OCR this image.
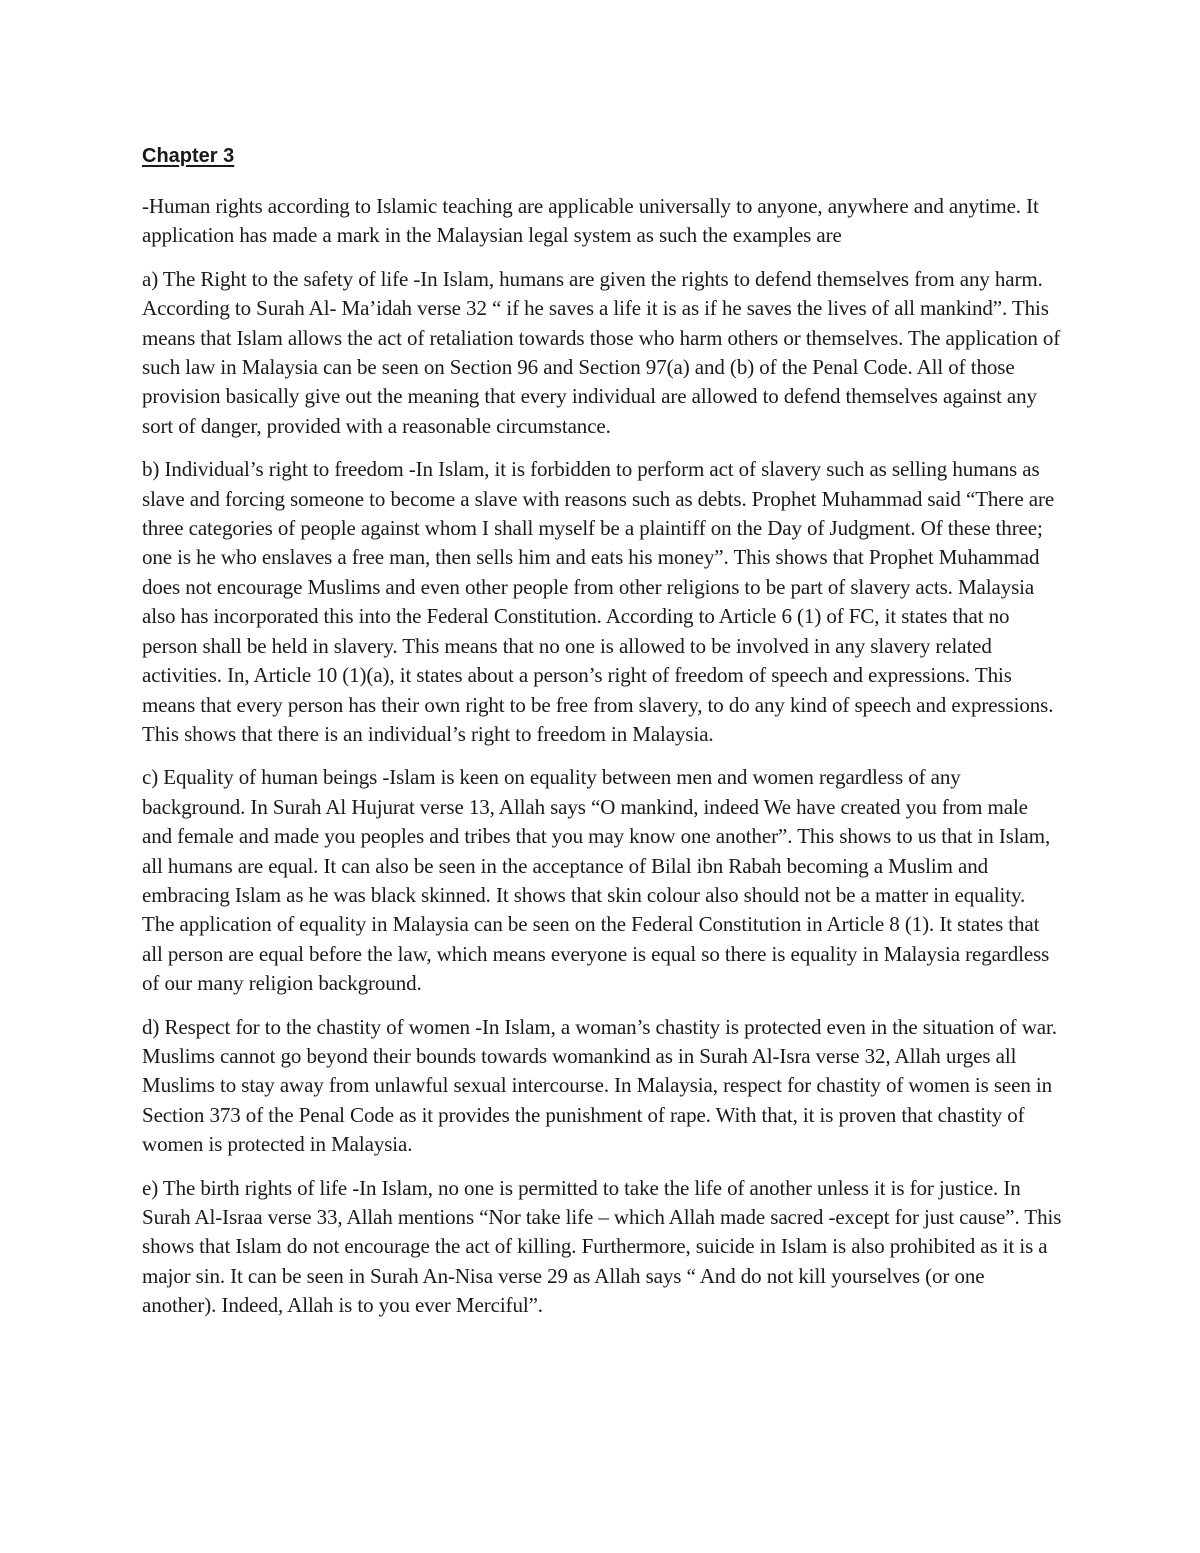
Chapter 3

-Human rights according to Islamic teaching are applicable universally to anyone, anywhere and anytime. It application has made a mark in the Malaysian legal system as such the examples are

a) The Right to the safety of life -In Islam, humans are given the rights to defend themselves from any harm. According to Surah Al- Ma’idah verse 32 “ if he saves a life it is as if he saves the lives of all mankind”. This means that Islam allows the act of retaliation towards those who harm others or themselves. The application of such law in Malaysia can be seen on Section 96 and Section 97(a) and (b) of the Penal Code. All of those provision basically give out the meaning that every individual are allowed to defend themselves against any sort of danger, provided with a reasonable circumstance.

b) Individual’s right to freedom -In Islam, it is forbidden to perform act of slavery such as selling humans as slave and forcing someone to become a slave with reasons such as debts. Prophet Muhammad said “There are three categories of people against whom I shall myself be a plaintiff on the Day of Judgment. Of these three; one is he who enslaves a free man, then sells him and eats his money”. This shows that Prophet Muhammad does not encourage Muslims and even other people from other religions to be part of slavery acts. Malaysia also has incorporated this into the Federal Constitution. According to Article 6 (1) of FC, it states that no person shall be held in slavery. This means that no one is allowed to be involved in any slavery related activities. In, Article 10 (1)(a), it states about a person’s right of freedom of speech and expressions. This means that every person has their own right to be free from slavery, to do any kind of speech and expressions. This shows that there is an individual’s right to freedom in Malaysia.

c) Equality of human beings -Islam is keen on equality between men and women regardless of any background. In Surah Al Hujurat verse 13, Allah says “O mankind, indeed We have created you from male and female and made you peoples and tribes that you may know one another”. This shows to us that in Islam, all humans are equal. It can also be seen in the acceptance of Bilal ibn Rabah becoming a Muslim and embracing Islam as he was black skinned. It shows that skin colour also should not be a matter in equality. The application of equality in Malaysia can be seen on the Federal Constitution in Article 8 (1). It states that all person are equal before the law, which means everyone is equal so there is equality in Malaysia regardless of our many religion background.

d) Respect for to the chastity of women -In Islam, a woman’s chastity is protected even in the situation of war. Muslims cannot go beyond their bounds towards womankind as in Surah Al-Isra verse 32, Allah urges all Muslims to stay away from unlawful sexual intercourse. In Malaysia, respect for chastity of women is seen in Section 373 of the Penal Code as it provides the punishment of rape. With that, it is proven that chastity of women is protected in Malaysia.

e) The birth rights of life -In Islam, no one is permitted to take the life of another unless it is for justice. In Surah Al-Israa verse 33, Allah mentions “Nor take life – which Allah made sacred -except for just cause”. This shows that Islam do not encourage the act of killing. Furthermore, suicide in Islam is also prohibited as it is a major sin. It can be seen in Surah An-Nisa verse 29 as Allah says “ And do not kill yourselves (or one another). Indeed, Allah is to you ever Merciful”.
